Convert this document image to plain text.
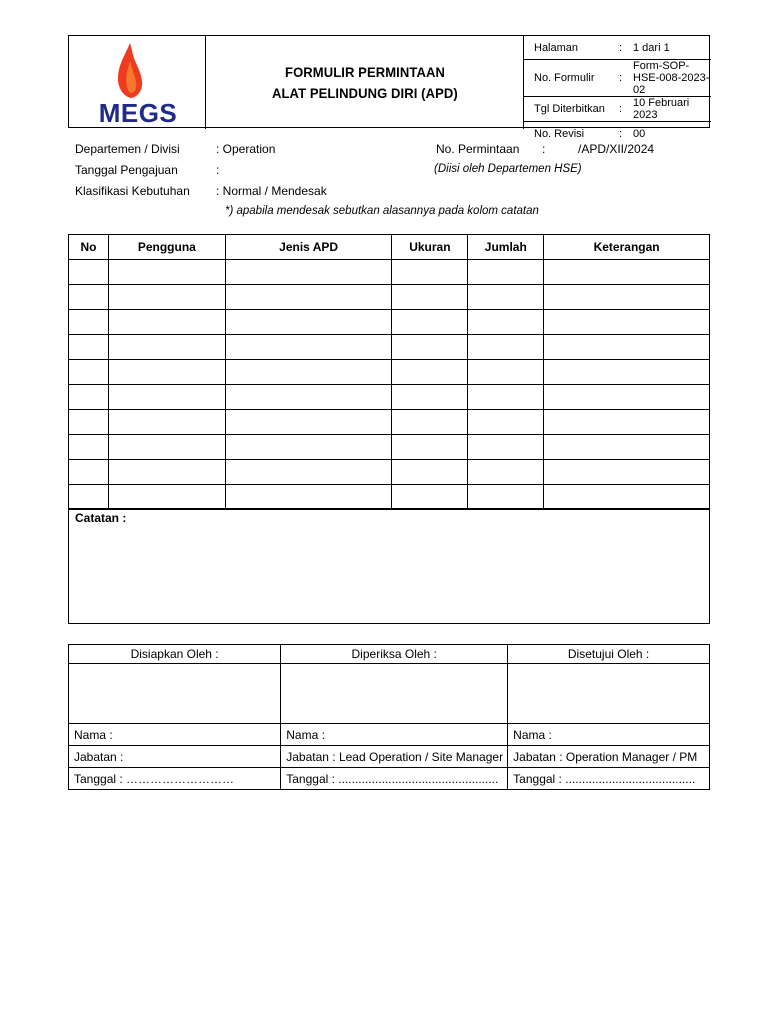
MEGS
FORMULIR PERMINTAAN
ALAT PELINDUNG DIRI (APD)
Halaman	:	1 dari 1
No. Formulir	:	Form-SOP-HSE-008-2023-02
Tgl Diterbitkan	:	10 Februari 2023
No. Revisi	:	00
Departemen / Divisi	: Operation
Tanggal Pengajuan	:
Klasifikasi Kebutuhan : Normal / Mendesak
*) apabila mendesak sebutkan alasannya pada kolom catatan
No. Permintaan :	/APD/XII/2024
(Diisi oleh Departemen HSE)
No	Pengguna	Jenis APD	Ukuran	Jumlah	Keterangan

Catatan :
Disiapkan Oleh :	Diperiksa Oleh :	Disetujui Oleh :

Nama :	Nama :	Nama :
Jabatan :	Jabatan : Lead Operation / Site Manager	Jabatan : Operation Manager / PM
Tanggal : ………………………	Tanggal : ................................................	Tanggal : .......................................
